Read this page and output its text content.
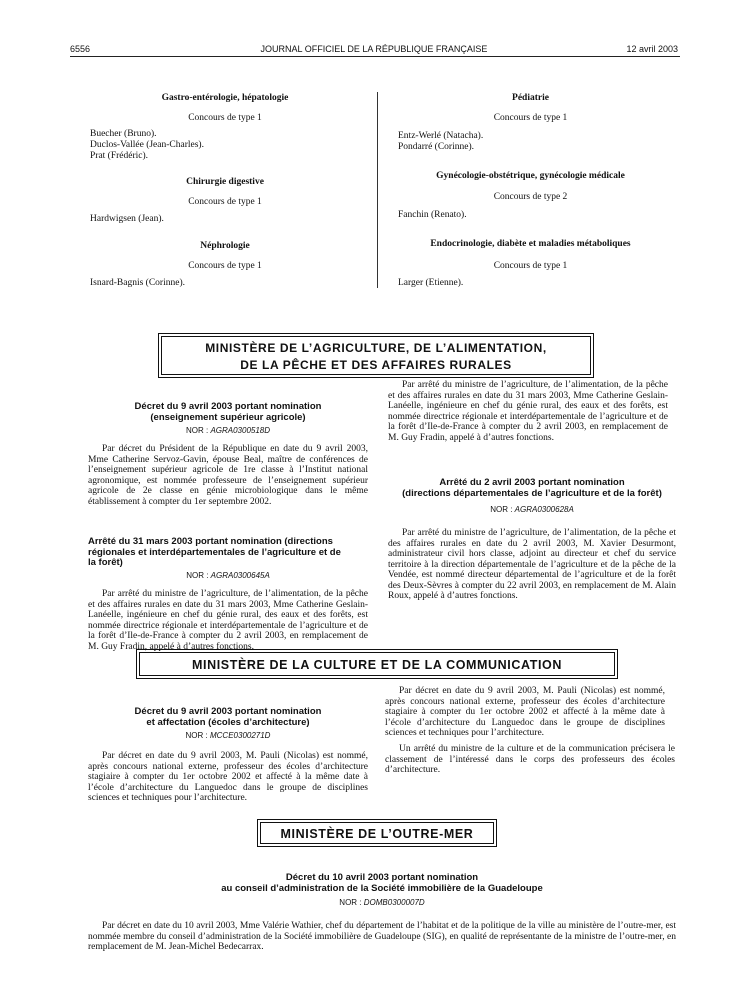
6556	JOURNAL OFFICIEL DE LA RÉPUBLIQUE FRANÇAISE	12 avril 2003
Gastro-entérologie, hépatologie
Concours de type 1
Buecher (Bruno).
Duclos-Vallée (Jean-Charles).
Prat (Frédéric).
Chirurgie digestive
Concours de type 1
Hardwigsen (Jean).
Néphrologie
Concours de type 1
Isnard-Bagnis (Corinne).
Pédiatrie
Concours de type 1
Entz-Werlé (Natacha).
Pondarré (Corinne).
Gynécologie-obstétrique, gynécologie médicale
Concours de type 2
Fanchin (Renato).
Endocrinologie, diabète et maladies métaboliques
Concours de type 1
Larger (Etienne).
MINISTÈRE DE L’AGRICULTURE, DE L’ALIMENTATION,
DE LA PÊCHE ET DES AFFAIRES RURALES
Décret du 9 avril 2003 portant nomination
(enseignement supérieur agricole)
NOR : AGRA0300518D
Par décret du Président de la République en date du 9 avril 2003, Mme Catherine Servoz-Gavin, épouse Beal, maître de conférences de l’enseignement supérieur agricole de 1re classe à l’Institut national agronomique, est nommée professeure de l’enseignement supérieur agricole de 2e classe en génie microbiologique dans le même établissement à compter du 1er septembre 2002.
Arrêté du 31 mars 2003 portant nomination (directions
régionales et interdépartementales de l’agriculture et de
la forêt)
NOR : AGRA0300645A
Par arrêté du ministre de l’agriculture, de l’alimentation, de la pêche et des affaires rurales en date du 31 mars 2003, Mme Catherine Geslain-Lanéelle, ingénieure en chef du génie rural, des eaux et des forêts, est nommée directrice régionale et interdépartementale de l’agriculture et de la forêt d’Ile-de-France à compter du 2 avril 2003, en remplacement de M. Guy Fradin, appelé à d’autres fonctions.
Par arrêté du ministre de l’agriculture, de l’alimentation, de la pêche et des affaires rurales en date du 31 mars 2003, Mme Catherine Geslain-Lanéelle, ingénieure en chef du génie rural, des eaux et des forêts, est nommée directrice régionale et interdépartementale de l’agriculture et de la forêt d’Ile-de-France à compter du 2 avril 2003, en remplacement de M. Guy Fradin, appelé à d’autres fonctions.
Arrêté du 2 avril 2003 portant nomination
(directions départementales de l’agriculture et de la forêt)
NOR : AGRA0300628A
Par arrêté du ministre de l’agriculture, de l’alimentation, de la pêche et des affaires rurales en date du 2 avril 2003, M. Xavier Desurmont, administrateur civil hors classe, adjoint au directeur et chef du service territoire à la direction départementale de l’agriculture et de la pêche de la Vendée, est nommé directeur départemental de l’agriculture et de la forêt des Deux-Sèvres à compter du 22 avril 2003, en remplacement de M. Alain Roux, appelé à d’autres fonctions.
MINISTÈRE DE LA CULTURE ET DE LA COMMUNICATION
Décret du 9 avril 2003 portant nomination
et affectation (écoles d’architecture)
NOR : MCCE0300271D
Par décret en date du 9 avril 2003, M. Pauli (Nicolas) est nommé, après concours national externe, professeur des écoles d’architecture stagiaire à compter du 1er octobre 2002 et affecté à la même date à l’école d’architecture du Languedoc dans le groupe de disciplines sciences et techniques pour l’architecture.
Par décret en date du 9 avril 2003, M. Pauli (Nicolas) est nommé, après concours national externe, professeur des écoles d’architecture stagiaire à compter du 1er octobre 2002 et affecté à la même date à l’école d’architecture du Languedoc dans le groupe de disciplines sciences et techniques pour l’architecture.
Un arrêté du ministre de la culture et de la communication précisera le classement de l’intéressé dans le corps des professeurs des écoles d’architecture.
MINISTÈRE DE L’OUTRE-MER
Décret du 10 avril 2003 portant nomination
au conseil d’administration de la Société immobilière de la Guadeloupe
NOR : DOMB0300007D
Par décret en date du 10 avril 2003, Mme Valérie Wathier, chef du département de l’habitat et de la politique de la ville au ministère de l’outre-mer, est nommée membre du conseil d’administration de la Société immobilière de Guadeloupe (SIG), en qualité de représentante de la ministre de l’outre-mer, en remplacement de M. Jean-Michel Bedecarrax.
